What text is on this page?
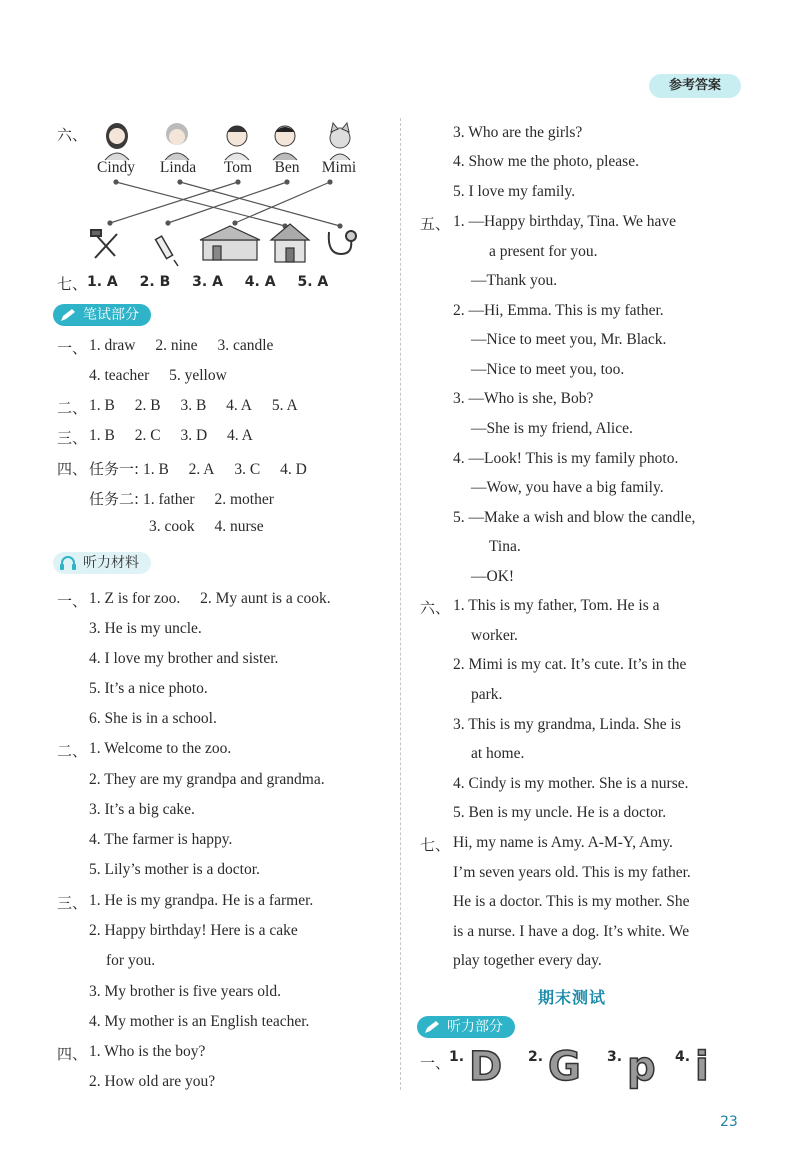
参考答案
六、
Cindy	Linda	Tom	Ben	Mimi
七、 1. A 2. B 3. A 4. A 5. A
笔试部分
一、 1. draw 2. nine 3. candle
4. teacher 5. yellow
二、 1. B 2. B 3. B 4. A 5. A
三、 1. B 2. C 3. D 4. A
四、 任务一: 1. B 2. A 3. C 4. D
任务二: 1. father 2. mother
3. cook 4. nurse
听力材料
一、 1. Z is for zoo. 2. My aunt is a cook.
3. He is my uncle.
4. I love my brother and sister.
5. It’s a nice photo.
6. She is in a school.
二、 1. Welcome to the zoo.
2. They are my grandpa and grandma.
3. It’s a big cake.
4. The farmer is happy.
5. Lily’s mother is a doctor.
三、 1. He is my grandpa. He is a farmer.
2. Happy birthday! Here is a cake
for you.
3. My brother is five years old.
4. My mother is an English teacher.
四、 1. Who is the boy?
2. How old are you?
3. Who are the girls?
4. Show me the photo, please.
5. I love my family.
五、 1. —Happy birthday, Tina. We have
a present for you.
—Thank you.
2. —Hi, Emma. This is my father.
—Nice to meet you, Mr. Black.
—Nice to meet you, too.
3. —Who is she, Bob?
—She is my friend, Alice.
4. —Look! This is my family photo.
—Wow, you have a big family.
5. —Make a wish and blow the candle,
Tina.
—OK!
六、 1. This is my father, Tom. He is a
worker.
2. Mimi is my cat. It’s cute. It’s in the
park.
3. This is my grandma, Linda. She is
at home.
4. Cindy is my mother. She is a nurse.
5. Ben is my uncle. He is a doctor.
七、 Hi, my name is Amy. A-M-Y, Amy.
I’m seven years old. This is my father.
He is a doctor. This is my mother. She
is a nurse. I have a dog. It’s white. We
play together every day.
期末测试
听力部分
一、
1. D 2. G 3. p 4. i
23
